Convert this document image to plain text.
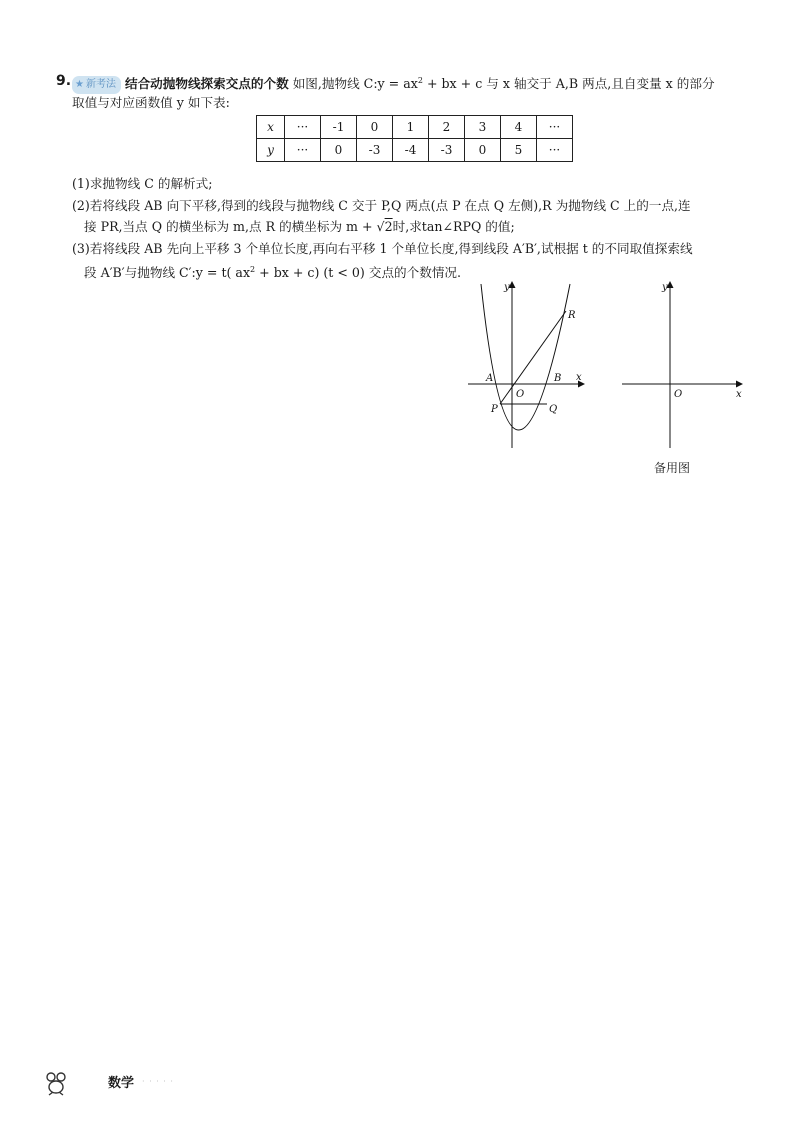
9. ★ 新考法 结合动抛物线探索交点的个数 如图,抛物线 C:y = $ax^2$ + bx + c 与 x 轴交于 A,B 两点,且自变量 x 的部分
取值与对应函数值 y 如下表:
x	···	-1	0	1	2	3	4	···
y	···	0	-3	-4	-3	0	5	···
(1)求抛物线 C 的解析式;
(2)若将线段 AB 向下平移,得到的线段与抛物线 C 交于 P,Q 两点(点 P 在点 Q 左侧),R 为抛物线 C 上的一点,连
接 PR,当点 Q 的横坐标为 m,点 R 的横坐标为 m + √2时,求tan∠RPQ 的值;
(3)若将线段 AB 先向上平移 3 个单位长度,再向右平移 1 个单位长度,得到线段 A′B′,试根据 t 的不同取值探索线
段 A′B′与抛物线 C′:y = t( $ax^2$ + bx + c) (t < 0) 交点的个数情况.
y
x
A	B
O
P	Q
R
y
x
O
备用图
数学 · · · · ·
